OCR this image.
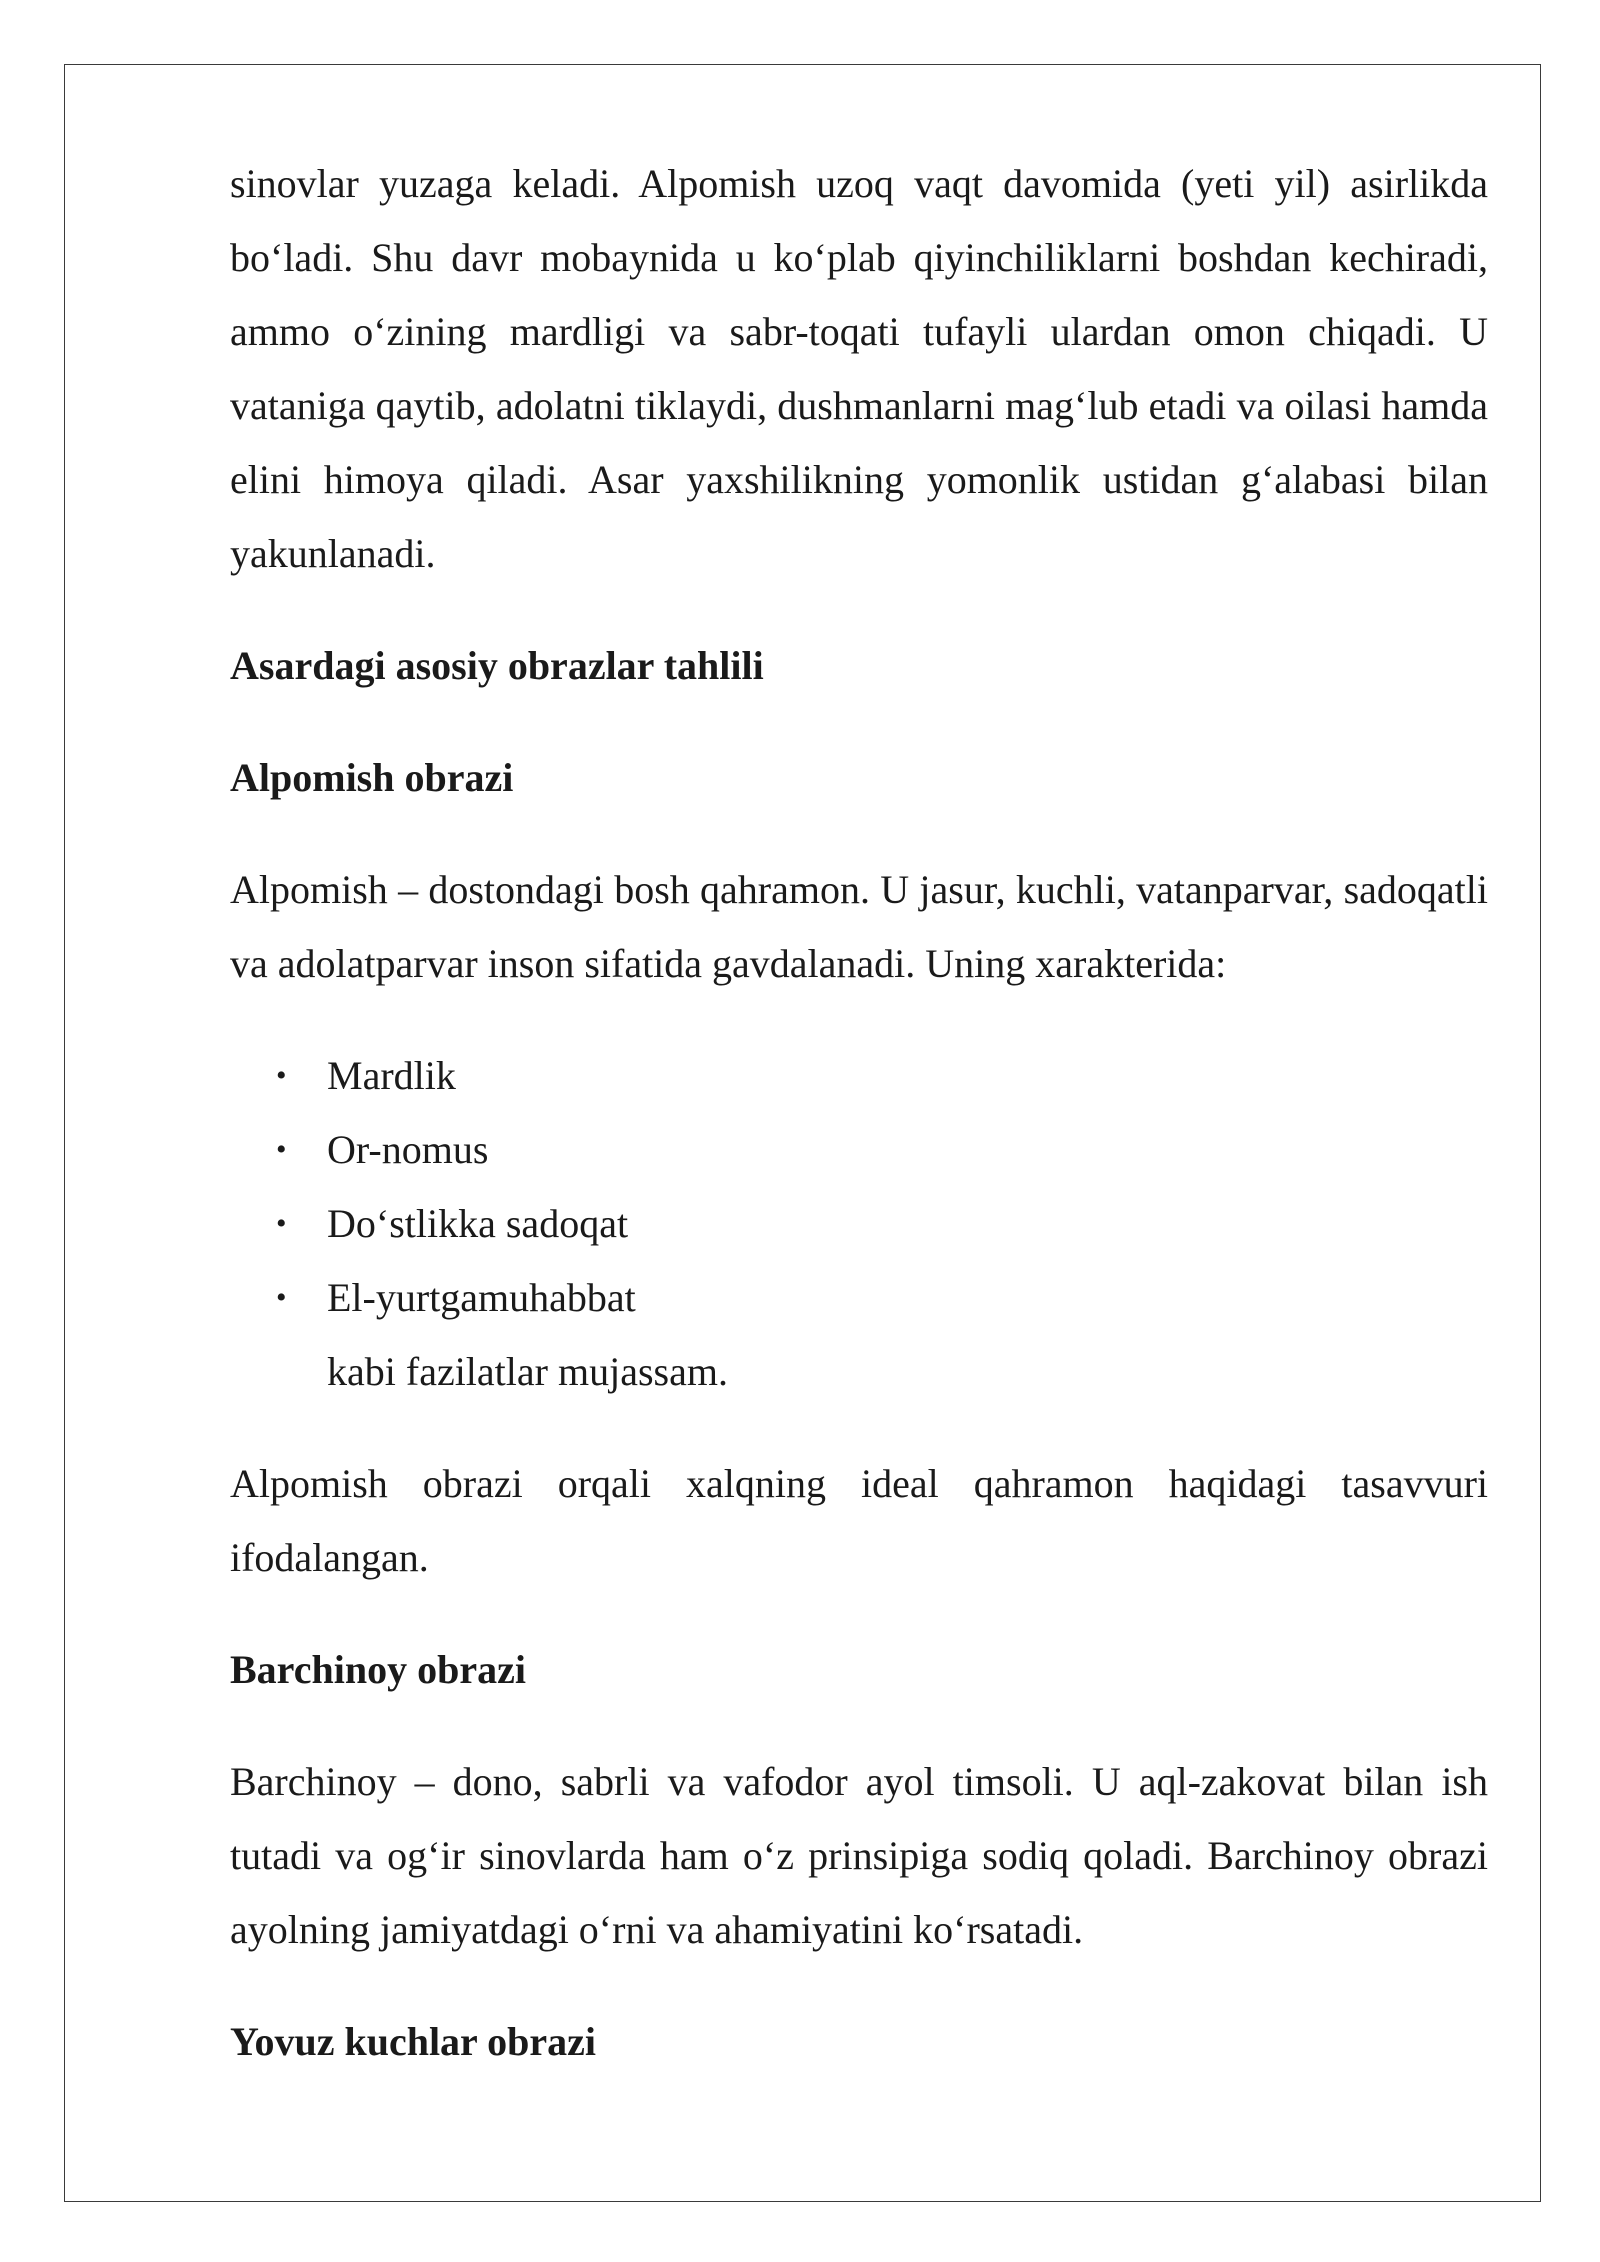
sinovlar yuzaga keladi. Alpomish uzoq vaqt davomida (yeti yil) asirlikda bo‘ladi. Shu davr mobaynida u ko‘plab qiyinchiliklarni boshdan kechiradi, ammo o‘zining mardligi va sabr-toqati tufayli ulardan omon chiqadi. U vataniga qaytib, adolatni tiklaydi, dushmanlarni mag‘lub etadi va oilasi hamda elini himoya qiladi. Asar yaxshilikning yomonlik ustidan g‘alabasi bilan yakunlanadi.

Asardagi asosiy obrazlar tahlili
Alpomish obrazi

Alpomish – dostondagi bosh qahramon. U jasur, kuchli, vatanparvar, sadoqatli va adolatparvar inson sifatida gavdalanadi. Uning xarakterida:

• Mardlik
• Or-nomus
• Do‘stlikka sadoqat
• El-yurtgamuhabbat
kabi fazilatlar mujassam.

Alpomish obrazi orqali xalqning ideal qahramon haqidagi tasavvuri ifodalangan.

Barchinoy obrazi

Barchinoy – dono, sabrli va vafodor ayol timsoli. U aql-zakovat bilan ish tutadi va og‘ir sinovlarda ham o‘z prinsipiga sodiq qoladi. Barchinoy obrazi ayolning jamiyatdagi o‘rni va ahamiyatini ko‘rsatadi.

Yovuz kuchlar obrazi
